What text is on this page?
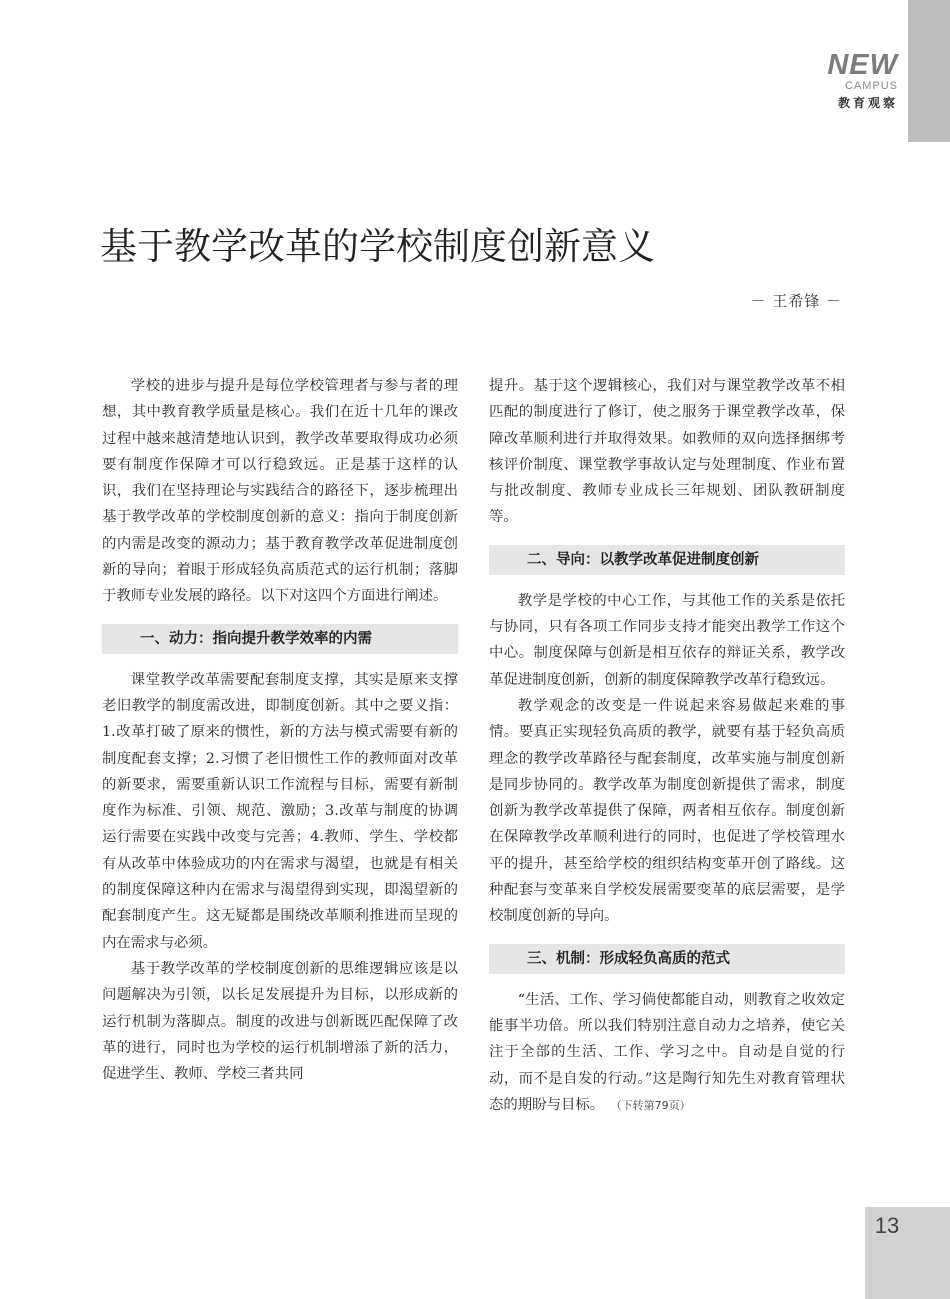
NEW
CAMPUS
教育观察
基于教学改革的学校制度创新意义
－ 王希锋 －

学校的进步与提升是每位学校管理者与参与者的理想，其中教育教学质量是核心。我们在近十几年的课改过程中越来越清楚地认识到，教学改革要取得成功必须要有制度作保障才可以行稳致远。正是基于这样的认识，我们在坚持理论与实践结合的路径下，逐步梳理出基于教学改革的学校制度创新的意义：指向于制度创新的内需是改变的源动力；基于教育教学改革促进制度创新的导向；着眼于形成轻负高质范式的运行机制；落脚于教师专业发展的路径。以下对这四个方面进行阐述。

一、动力：指向提升教学效率的内需

课堂教学改革需要配套制度支撑，其实是原来支撑老旧教学的制度需改进，即制度创新。其中之要义指：1.改革打破了原来的惯性，新的方法与模式需要有新的制度配套支撑；2.习惯了老旧惯性工作的教师面对改革的新要求，需要重新认识工作流程与目标，需要有新制度作为标准、引领、规范、激励；3.改革与制度的协调运行需要在实践中改变与完善；4.教师、学生、学校都有从改革中体验成功的内在需求与渴望，也就是有相关的制度保障这种内在需求与渴望得到实现，即渴望新的配套制度产生。这无疑都是围绕改革顺利推进而呈现的内在需求与必须。

基于教学改革的学校制度创新的思维逻辑应该是以问题解决为引领，以长足发展提升为目标，以形成新的运行机制为落脚点。制度的改进与创新既匹配保障了改革的进行，同时也为学校的运行机制增添了新的活力，促进学生、教师、学校三者共同

提升。基于这个逻辑核心，我们对与课堂教学改革不相匹配的制度进行了修订，使之服务于课堂教学改革，保障改革顺利进行并取得效果。如教师的双向选择捆绑考核评价制度、课堂教学事故认定与处理制度、作业布置与批改制度、教师专业成长三年规划、团队教研制度等。

二、导向：以教学改革促进制度创新

教学是学校的中心工作，与其他工作的关系是依托与协同，只有各项工作同步支持才能突出教学工作这个中心。制度保障与创新是相互依存的辩证关系，教学改革促进制度创新，创新的制度保障教学改革行稳致远。

教学观念的改变是一件说起来容易做起来难的事情。要真正实现轻负高质的教学，就要有基于轻负高质理念的教学改革路径与配套制度，改革实施与制度创新是同步协同的。教学改革为制度创新提供了需求，制度创新为教学改革提供了保障，两者相互依存。制度创新在保障教学改革顺利进行的同时，也促进了学校管理水平的提升，甚至给学校的组织结构变革开创了路线。这种配套与变革来自学校发展需要变革的底层需要，是学校制度创新的导向。

三、机制：形成轻负高质的范式

“生活、工作、学习倘使都能自动，则教育之收效定能事半功倍。所以我们特别注意自动力之培养，使它关注于全部的生活、工作、学习之中。自动是自觉的行动，而不是自发的行动。”这是陶行知先生对教育管理状态的期盼与目标。 （下转第79页）

13
